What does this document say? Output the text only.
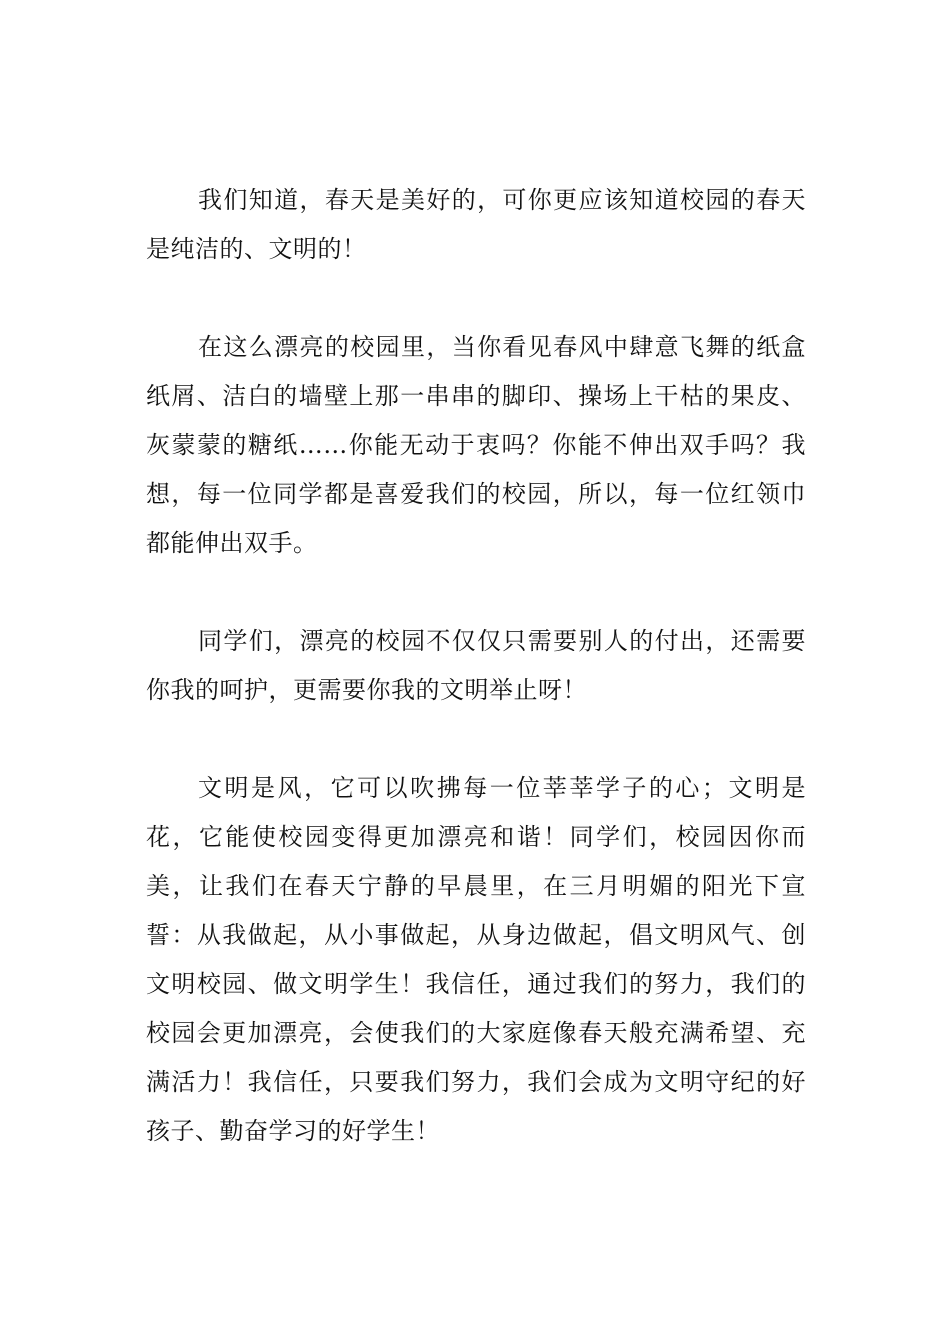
我们知道，春天是美好的，可你更应该知道校园的春天是纯洁的、文明的！

在这么漂亮的校园里，当你看见春风中肆意飞舞的纸盒纸屑、洁白的墙壁上那一串串的脚印、操场上干枯的果皮、灰蒙蒙的糖纸……你能无动于衷吗？你能不伸出双手吗？我想，每一位同学都是喜爱我们的校园，所以，每一位红领巾都能伸出双手。

同学们，漂亮的校园不仅仅只需要别人的付出，还需要你我的呵护，更需要你我的文明举止呀！

文明是风，它可以吹拂每一位莘莘学子的心；文明是花，它能使校园变得更加漂亮和谐！同学们，校园因你而美，让我们在春天宁静的早晨里，在三月明媚的阳光下宣誓：从我做起，从小事做起，从身边做起，倡文明风气、创文明校园、做文明学生！我信任，通过我们的努力，我们的校园会更加漂亮，会使我们的大家庭像春天般充满希望、充满活力！我信任，只要我们努力，我们会成为文明守纪的好孩子、勤奋学习的好学生！
